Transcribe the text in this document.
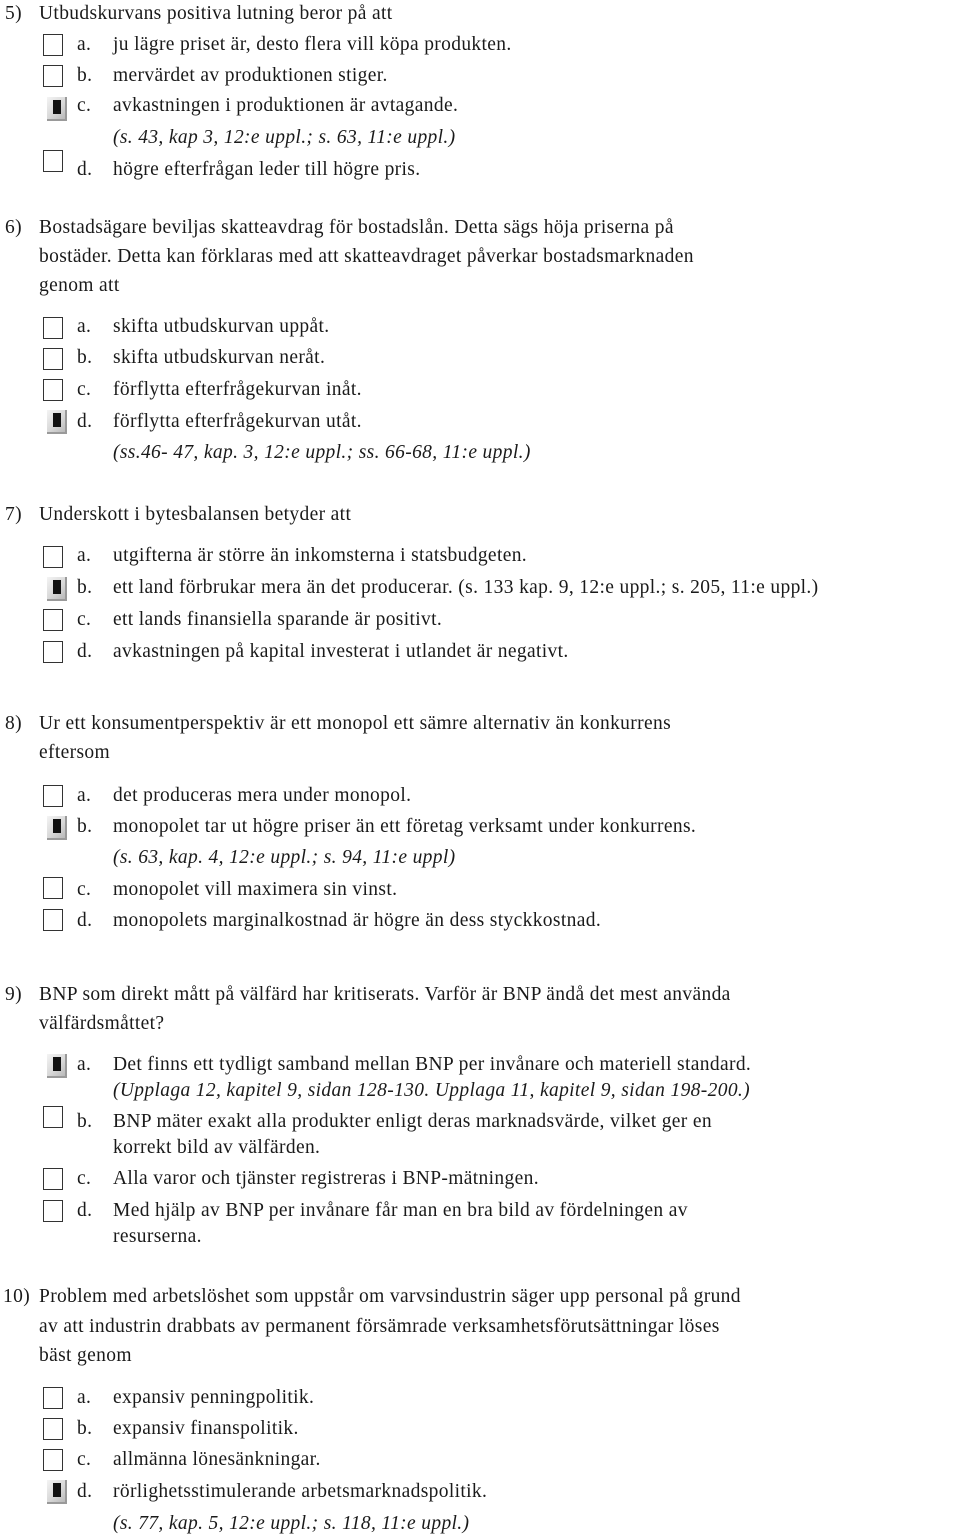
5) Utbudskurvans positiva lutning beror på att
a. ju lägre priset är, desto flera vill köpa produkten.
b. mervärdet av produktionen stiger.
c. avkastningen i produktionen är avtagande.
(s. 43, kap 3, 12:e uppl.; s. 63, 11:e uppl.)
d. högre efterfrågan leder till högre pris.
6) Bostadsägare beviljas skatteavdrag för bostadslån. Detta sägs höja priserna på
bostäder. Detta kan förklaras med att skatteavdraget påverkar bostadsmarknaden
genom att
a. skifta utbudskurvan uppåt.
b. skifta utbudskurvan neråt.
c. förflytta efterfrågekurvan inåt.
d. förflytta efterfrågekurvan utåt.
(ss.46- 47, kap. 3, 12:e uppl.; ss. 66-68, 11:e uppl.)
7) Underskott i bytesbalansen betyder att
a. utgifterna är större än inkomsterna i statsbudgeten.
b. ett land förbrukar mera än det producerar. (s. 133 kap. 9, 12:e uppl.; s. 205, 11:e uppl.)
c. ett lands finansiella sparande är positivt.
d. avkastningen på kapital investerat i utlandet är negativt.
8) Ur ett konsumentperspektiv är ett monopol ett sämre alternativ än konkurrens
eftersom
a. det produceras mera under monopol.
b. monopolet tar ut högre priser än ett företag verksamt under konkurrens.
(s. 63, kap. 4, 12:e uppl.; s. 94, 11:e uppl)
c. monopolet vill maximera sin vinst.
d. monopolets marginalkostnad är högre än dess styckkostnad.
9) BNP som direkt mått på välfärd har kritiserats. Varför är BNP ändå det mest använda
välfärdsmåttet?
a. Det finns ett tydligt samband mellan BNP per invånare och materiell standard.
(Upplaga 12, kapitel 9, sidan 128-130. Upplaga 11, kapitel 9, sidan 198-200.)
b. BNP mäter exakt alla produkter enligt deras marknadsvärde, vilket ger en
korrekt bild av välfärden.
c. Alla varor och tjänster registreras i BNP-mätningen.
d. Med hjälp av BNP per invånare får man en bra bild av fördelningen av
resurserna.
10) Problem med arbetslöshet som uppstår om varvsindustrin säger upp personal på grund
av att industrin drabbats av permanent försämrade verksamhetsförutsättningar löses
bäst genom
a. expansiv penningpolitik.
b. expansiv finanspolitik.
c. allmänna lönesänkningar.
d. rörlighetsstimulerande arbetsmarknadspolitik.
(s. 77, kap. 5, 12:e uppl.; s. 118, 11:e uppl.)
